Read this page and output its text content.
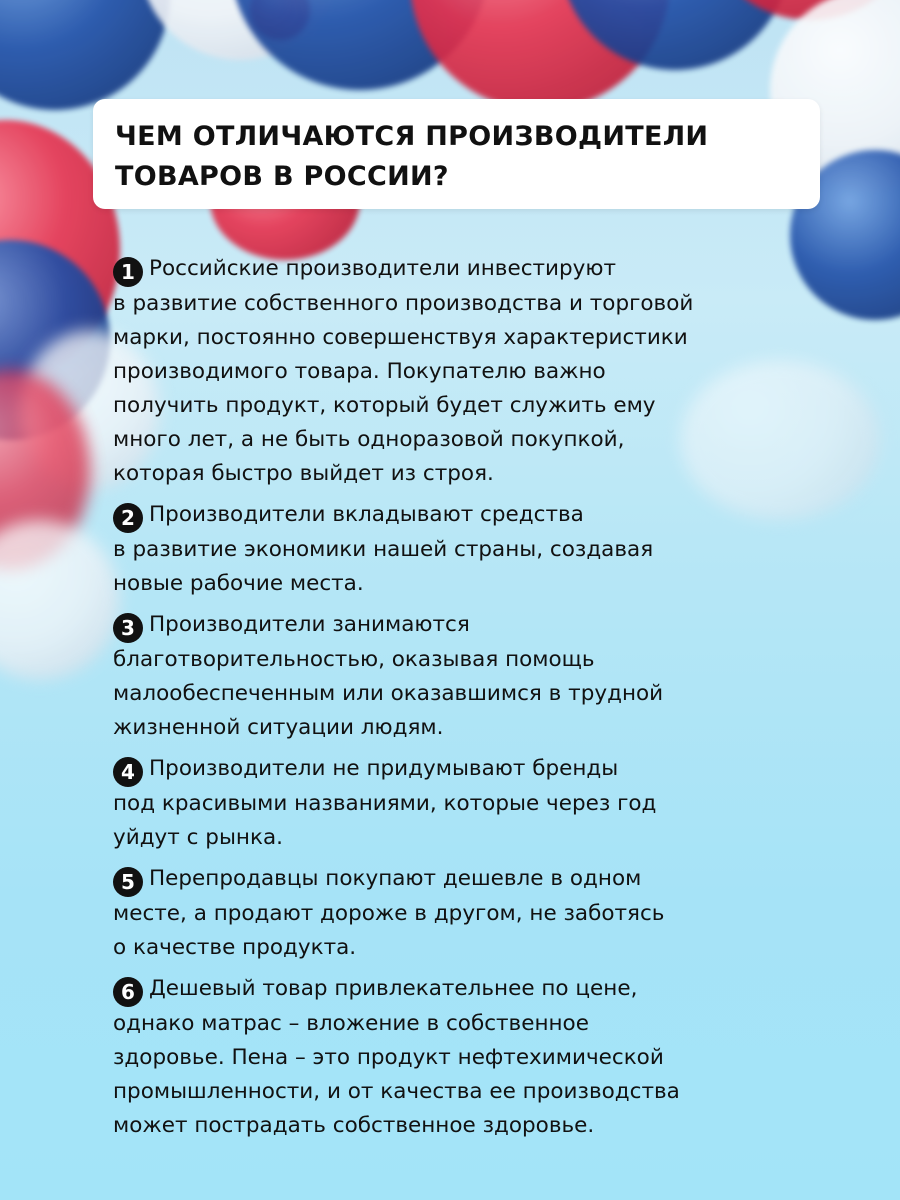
ЧЕМ ОТЛИЧАЮТСЯ ПРОИЗВОДИТЕЛИ
ТОВАРОВ В РОССИИ?
1 Российские производители инвестируют
в развитие собственного производства и торговой
марки, постоянно совершенствуя характеристики
производимого товара. Покупателю важно
получить продукт, который будет служить ему
много лет, а не быть одноразовой покупкой,
которая быстро выйдет из строя.
2 Производители вкладывают средства
в развитие экономики нашей страны, создавая
новые рабочие места.
3 Производители занимаются
благотворительностью, оказывая помощь
малообеспеченным или оказавшимся в трудной
жизненной ситуации людям.
4 Производители не придумывают бренды
под красивыми названиями, которые через год
уйдут с рынка.
5 Перепродавцы покупают дешевле в одном
месте, а продают дороже в другом, не заботясь
о качестве продукта.
6 Дешевый товар привлекательнее по цене,
однако матрас – вложение в собственное
здоровье. Пена – это продукт нефтехимической
промышленности, и от качества ее производства
может пострадать собственное здоровье.
